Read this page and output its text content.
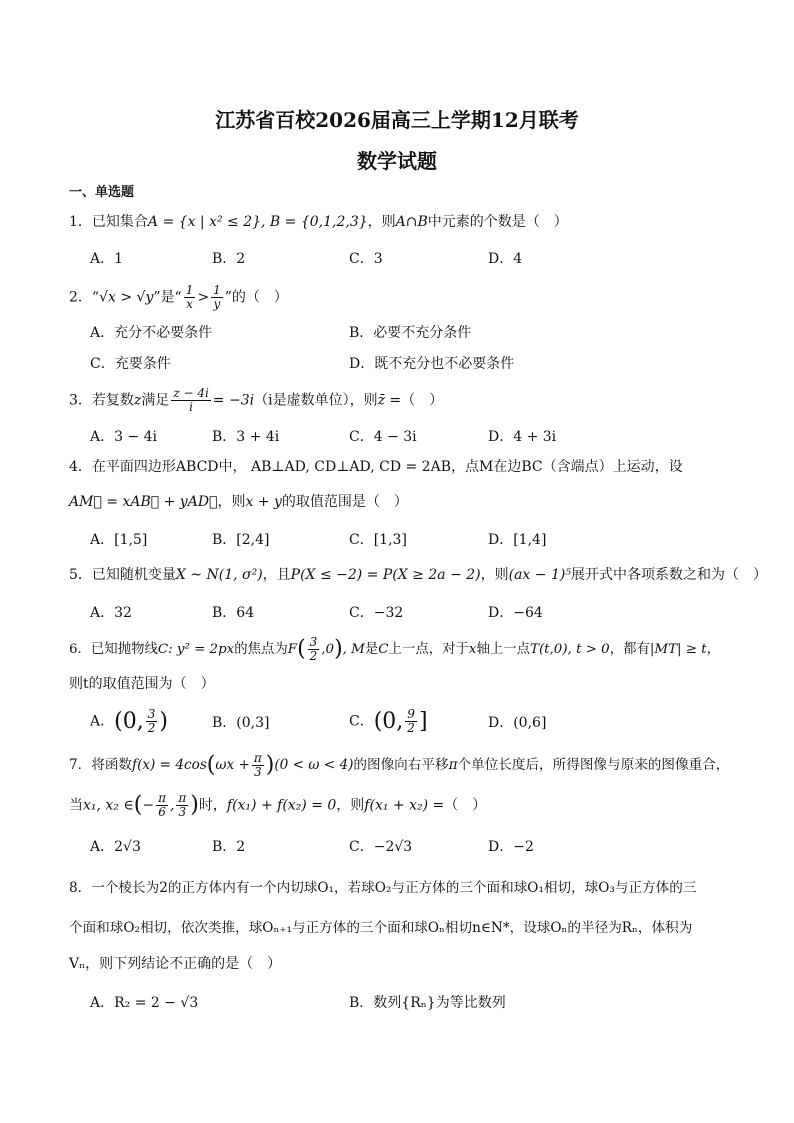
江苏省百校2026届高三上学期12月联考
数学试题
一、单选题
1．已知集合A = {x | x² ≤ 2}, B = {0,1,2,3}，则A∩B中元素的个数是（　）
A．1	B．2	C．3	D．4
2．“√x > √y”是“ $\frac{1}{x} > \frac{1}{y}$ ”的（　）
A．充分不必要条件	B．必要不充分条件
C．充要条件	D．既不充分也不必要条件
3．若复数z满足 $\frac{z - 4i}{i} = -3i(i$是虚数单位），则z̄ =（　）
A．3 − 4i	B．3 + 4i	C．4 − 3i	D．4 + 3i
4．在平面四边形ABCD中， AB⊥AD, CD⊥AD, CD = 2AB，点M在边BC（含端点）上运动，设
AM⃗ = xAB⃗ + yAD⃗，则x + y的取值范围是（　）
A．[1,5]	B．[2,4]	C．[1,3]	D．[1,4]
5．已知随机变量X ~ N(1, σ²)，且P(X ≤ −2) = P(X ≥ 2a − 2)，则(ax − 1)⁵展开式中各项系数之和为（　）
A．32	B．64	C．−32	D．−64
6．已知抛物线C: y² = 2px的焦点为$F( \frac{3}{2} ,0)$, M是C上一点，对于x轴上一点T(t,0), t > 0，都有|MT| ≥ t，
则t的取值范围为（　）
A．(0, $\frac{3}{2}$ )	B．(0,3]	C．(0, $\frac{9}{2}$ ]	D．(0,6]
7．将函数$f(x) = 4\cos(\omega x + \frac{\pi}{3} )(0 < \omega < 4)$的图像向右平移π个单位长度后，所得图像与原来的图像重合，
当x₁, x₂ ∈(− $\frac{\pi}{6}$ , $\frac{\pi}{3}$ )时，f(x₁) + f(x₂) = 0，则f(x₁ + x₂) =（　）
A．2√3	B．2	C．−2√3	D．−2
8．一个棱长为2的正方体内有一个内切球O₁，若球O₂与正方体的三个面和球O₁相切，球O₃与正方体的三
个面和球O₂相切，依次类推，球Oₙ₊₁与正方体的三个面和球Oₙ相切n∈N*，设球Oₙ的半径为Rₙ，体积为
Vₙ，则下列结论不正确的是（　）
A．R₂ = 2 − √3	B．数列{Rₙ}为等比数列
